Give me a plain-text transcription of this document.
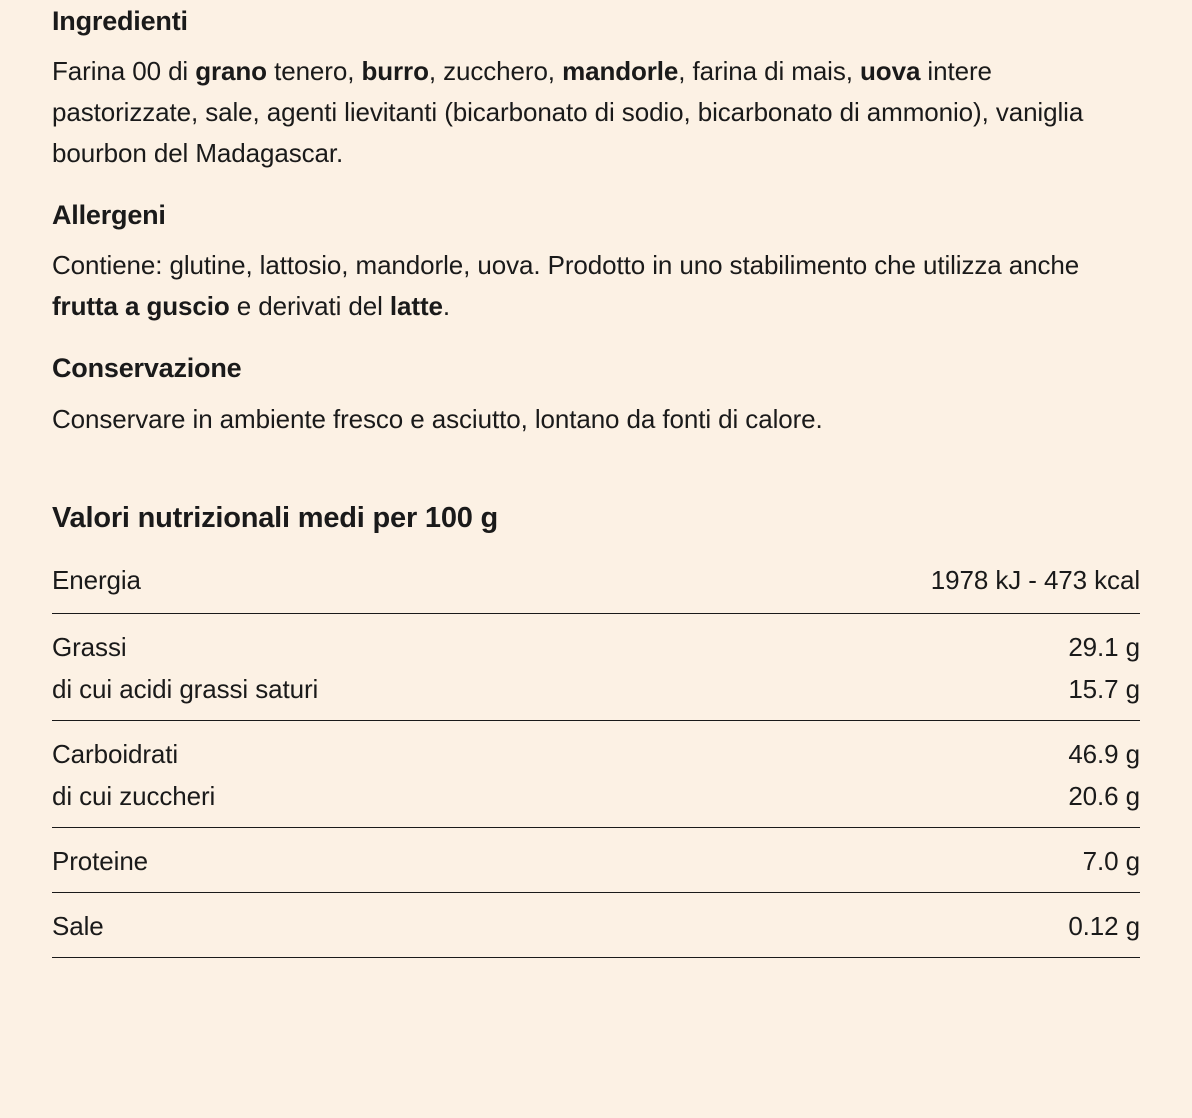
Ingredienti

Farina 00 di grano tenero, burro, zucchero, mandorle, farina di mais, uova intere pastorizzate, sale, agenti lievitanti (bicarbonato di sodio, bicarbonato di ammonio), vaniglia bourbon del Madagascar.

Allergeni

Contiene: glutine, lattosio, mandorle, uova. Prodotto in uno stabilimento che utilizza anche frutta a guscio e derivati del latte.

Conservazione

Conservare in ambiente fresco e asciutto, lontano da fonti di calore.

Valori nutrizionali medi per 100 g
Energia	1978 kJ - 473 kcal
Grassi	29.1 g
di cui acidi grassi saturi	15.7 g
Carboidrati	46.9 g
di cui zuccheri	20.6 g
Proteine	7.0 g
Sale	0.12 g
